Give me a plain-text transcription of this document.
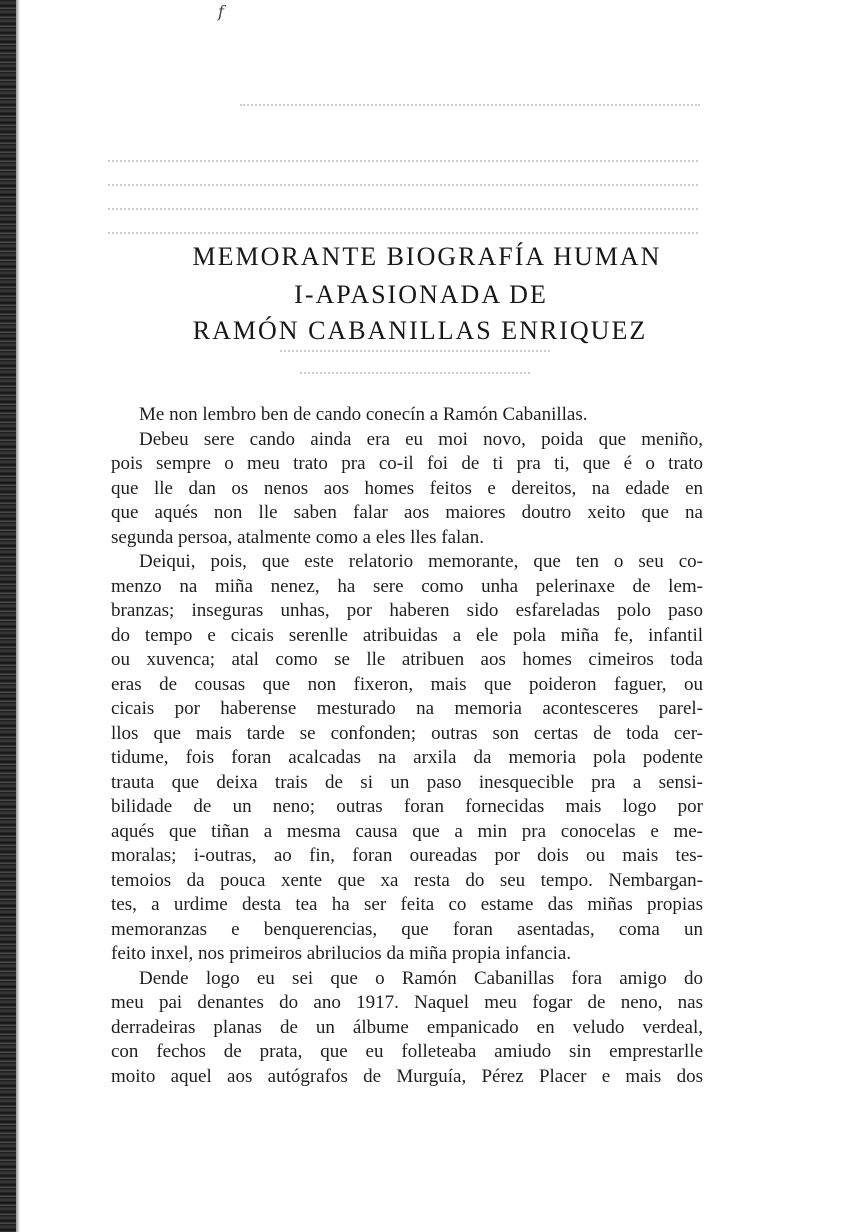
f
MEMORANTE BIOGRAFÍA HUMAN
I-APASIONADA DE
RAMÓN CABANILLAS ENRIQUEZ
Me non lembro ben de cando conecín a Ramón Cabanillas.
Debeu sere cando ainda era eu moi novo, poida que meniño,
pois sempre o meu trato pra co-il foi de ti pra ti, que é o trato
que lle dan os nenos aos homes feitos e dereitos, na edade en
que aqués non lle saben falar aos maiores doutro xeito que na
segunda persoa, atalmente como a eles lles falan.
Deiqui, pois, que este relatorio memorante, que ten o seu co-
menzo na miña nenez, ha sere como unha pelerinaxe de lem-
branzas; inseguras unhas, por haberen sido esfareladas polo paso
do tempo e cicais serenlle atribuidas a ele pola miña fe, infantil
ou xuvenca; atal como se lle atribuen aos homes cimeiros toda
eras de cousas que non fixeron, mais que poideron faguer, ou
cicais por haberense mesturado na memoria acontesceres parel-
llos que mais tarde se confonden; outras son certas de toda cer-
tidume, fois foran acalcadas na arxila da memoria pola podente
trauta que deixa trais de si un paso inesquecible pra a sensi-
bilidade de un neno; outras foran fornecidas mais logo por
aqués que tiñan a mesma causa que a min pra conocelas e me-
moralas; i-outras, ao fin, foran oureadas por dois ou mais tes-
temoios da pouca xente que xa resta do seu tempo. Nembargan-
tes, a urdime desta tea ha ser feita co estame das miñas propias
memoranzas e benquerencias, que foran asentadas, coma un
feito inxel, nos primeiros abrilucios da miña propia infancia.
Dende logo eu sei que o Ramón Cabanillas fora amigo do
meu pai denantes do ano 1917. Naquel meu fogar de neno, nas
derradeiras planas de un álbume empanicado en veludo verdeal,
con fechos de prata, que eu folleteaba amiudo sin emprestarlle
moito aquel aos autógrafos de Murguía, Pérez Placer e mais dos
